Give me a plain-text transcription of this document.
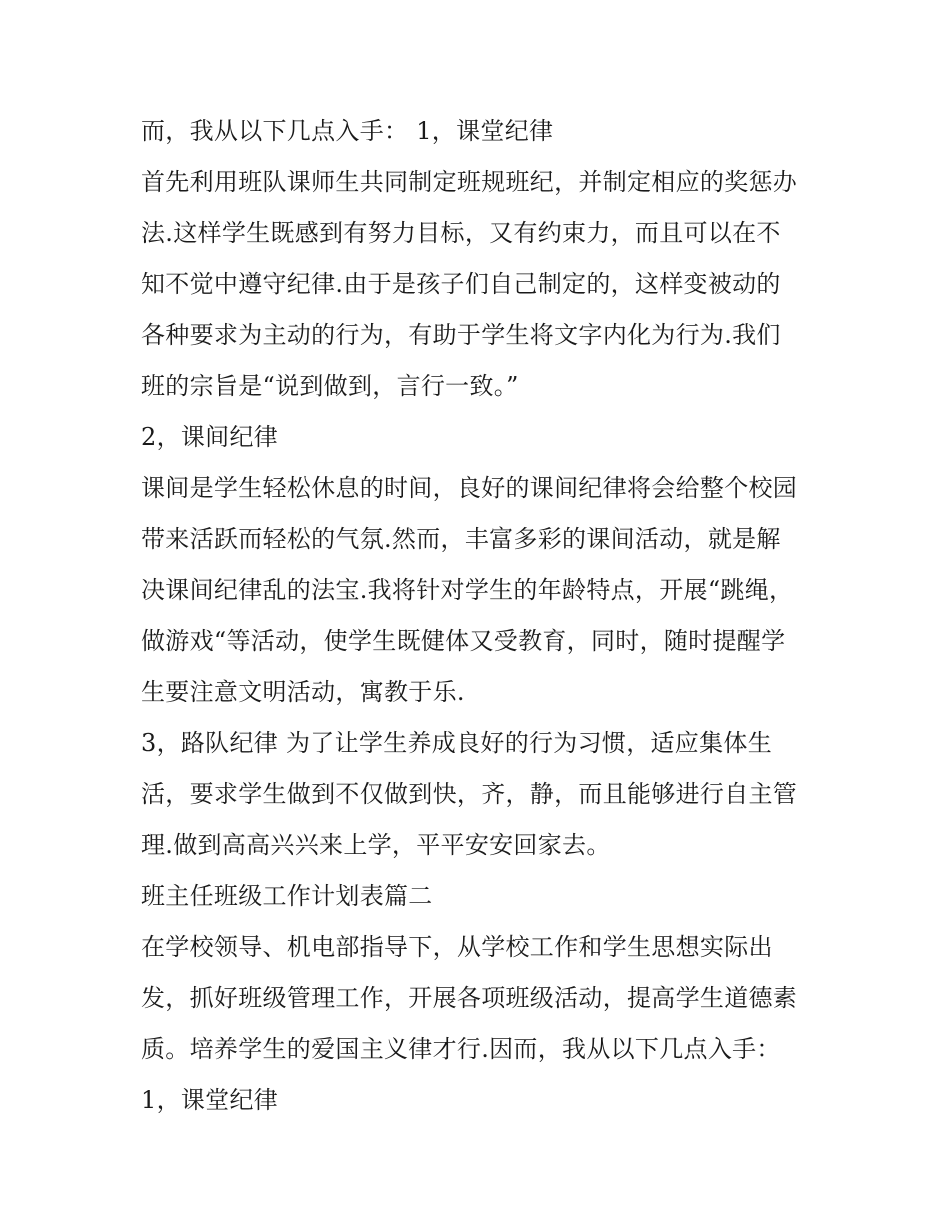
而，我从以下几点入手： 1，课堂纪律
首先利用班队课师生共同制定班规班纪，并制定相应的奖惩办
法.这样学生既感到有努力目标，又有约束力，而且可以在不
知不觉中遵守纪律.由于是孩子们自己制定的，这样变被动的
各种要求为主动的行为，有助于学生将文字内化为行为.我们
班的宗旨是“说到做到，言行一致。”
2，课间纪律
课间是学生轻松休息的时间，良好的课间纪律将会给整个校园
带来活跃而轻松的气氛.然而，丰富多彩的课间活动，就是解
决课间纪律乱的法宝.我将针对学生的年龄特点，开展“跳绳，
做游戏“等活动，使学生既健体又受教育，同时，随时提醒学
生要注意文明活动，寓教于乐.
3，路队纪律 为了让学生养成良好的行为习惯，适应集体生
活，要求学生做到不仅做到快，齐，静，而且能够进行自主管
理.做到高高兴兴来上学，平平安安回家去。
班主任班级工作计划表篇二
在学校领导、机电部指导下，从学校工作和学生思想实际出
发，抓好班级管理工作，开展各项班级活动，提高学生道德素
质。培养学生的爱国主义律才行.因而，我从以下几点入手：
1，课堂纪律
